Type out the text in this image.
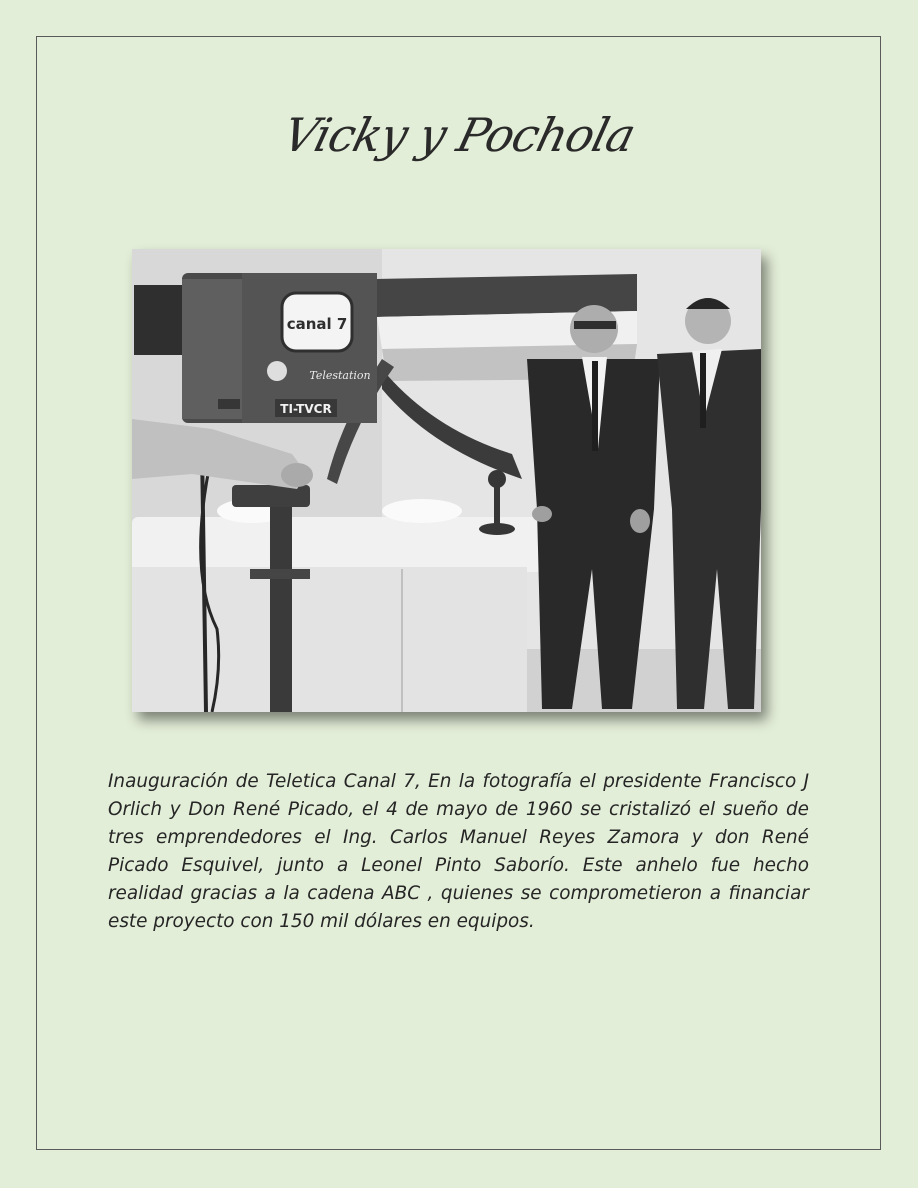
Vicky y Pochola
canal 7
Telestation
TI-TVCR

Inauguración de Teletica Canal 7, En la fotografía el presidente Francisco J Orlich y Don René Picado, el 4 de mayo de 1960 se cristalizó el sueño de tres emprendedores el Ing. Carlos Manuel Reyes Zamora y don René Picado Esquivel, junto a Leonel Pinto Saborío. Este anhelo fue hecho realidad gracias a la cadena ABC , quienes se comprometieron a financiar este proyecto con 150 mil dólares en equipos.
